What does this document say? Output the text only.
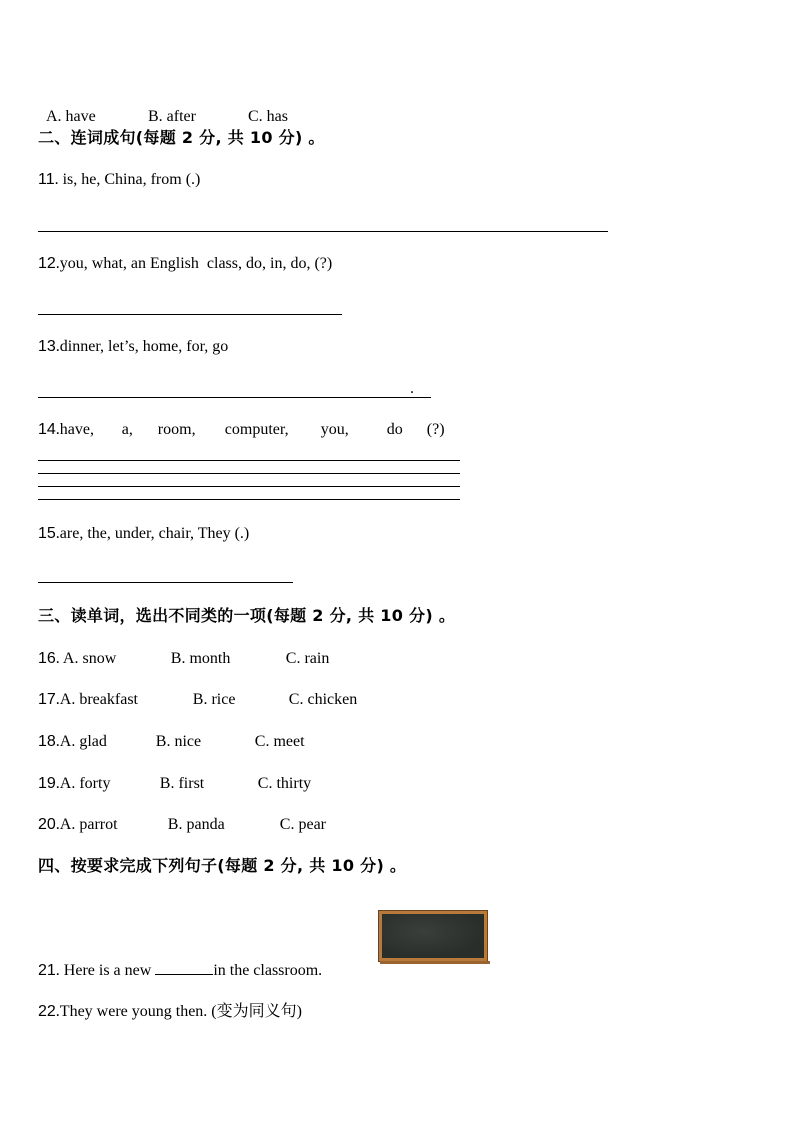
A. have	B. after	C. has

二、连词成句(每题 2 分, 共 10 分) 。
11. is, he, China, from (.)
12.you, what, an English  class, do, in, do, (?)
13.dinner, let’s, home, for, go
.
14.have, a, room, computer, you, do (?)
15.are, the, under, chair, They (.)
三、读单词，选出不同类的一项(每题 2 分, 共 10 分) 。
16. A. snow	B. month	C. rain
17.A. breakfast	B. rice	C. chicken
18.A. glad	B. nice	C. meet
19.A. forty	B. first	C. thirty
20.A. parrot	B. panda	C. pear
四、按要求完成下列句子(每题 2 分, 共 10 分) 。
21. Here is a new	in the classroom.
22.They were young then. (变为同义句)
